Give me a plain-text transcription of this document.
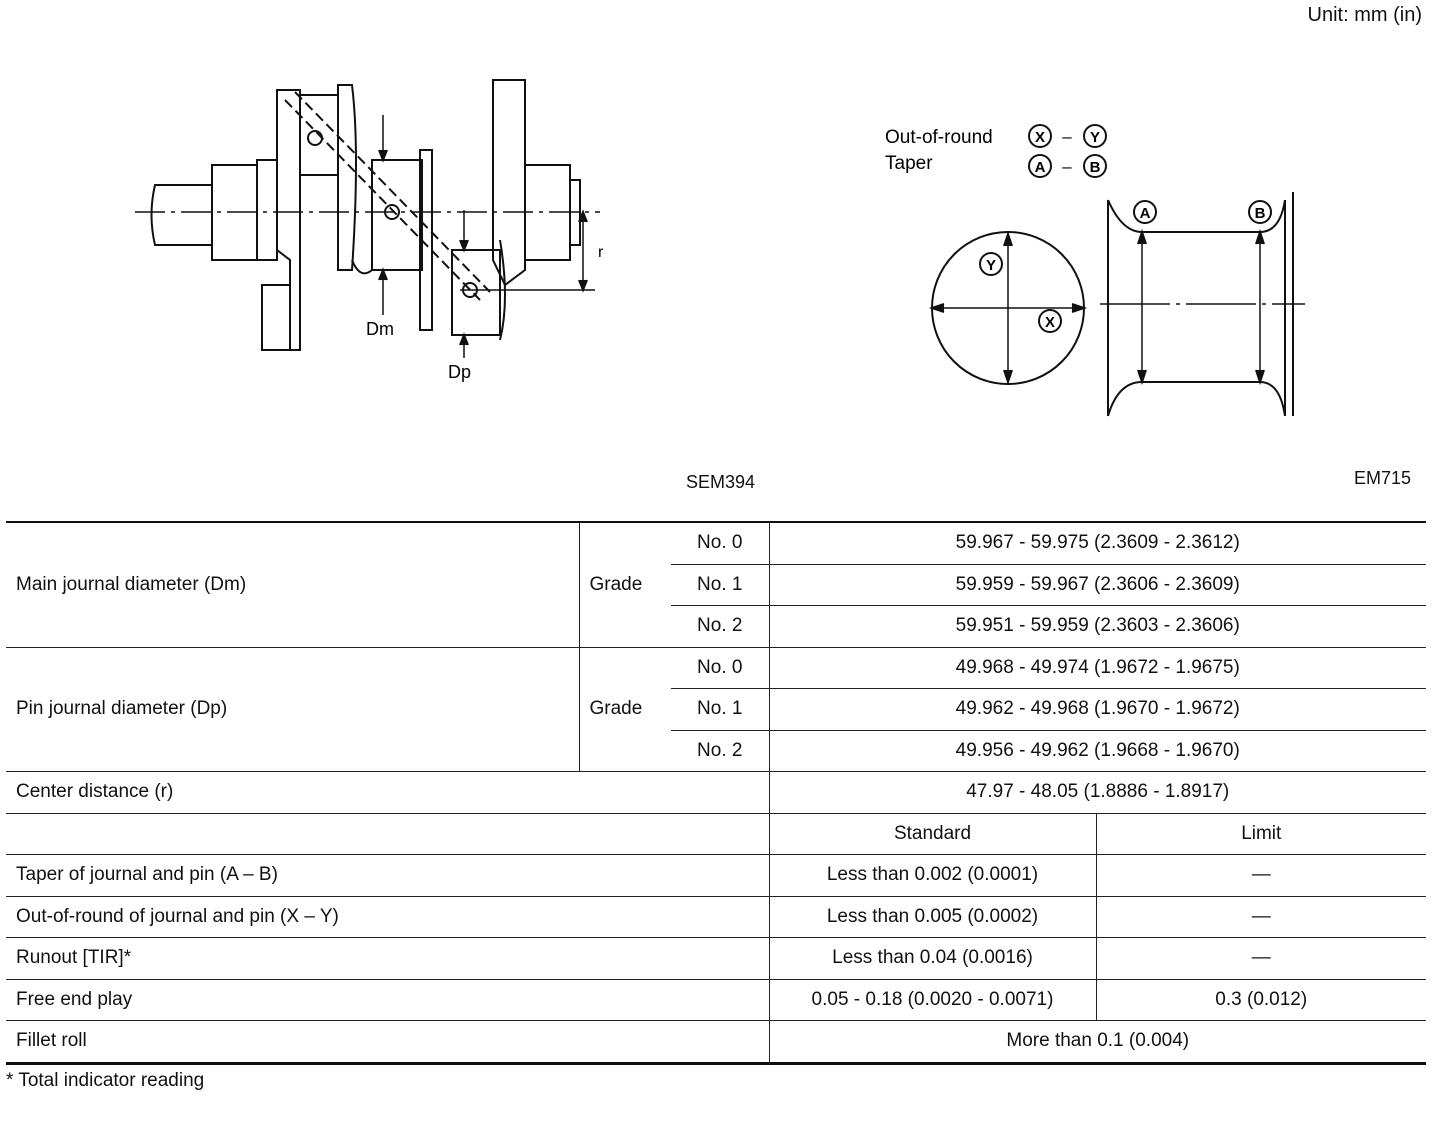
Unit: mm (in)
Dm
Dp
r
Out-of-round
Taper
X – Y
A – B
Y
X
A	B
SEM394	EM715
Main journal diameter (Dm)	Grade	No. 0	59.967 - 59.975 (2.3609 - 2.3612)	
		No. 1	59.959 - 59.967 (2.3606 - 2.3609)	
		No. 2	59.951 - 59.959 (2.3603 - 2.3606)	
Pin journal diameter (Dp)	Grade	No. 0	49.968 - 49.974 (1.9672 - 1.9675)	
		No. 1	49.962 - 49.968 (1.9670 - 1.9672)	
		No. 2	49.956 - 49.962 (1.9668 - 1.9670)	
Center distance (r)			47.97 - 48.05 (1.8886 - 1.8917)	
			Standard	Limit
Taper of journal and pin (A – B)			Less than 0.002 (0.0001)	—
Out-of-round of journal and pin (X – Y)			Less than 0.005 (0.0002)	—
Runout [TIR]*			Less than 0.04 (0.0016)	—
Free end play			0.05 - 0.18 (0.0020 - 0.0071)	0.3 (0.012)
Fillet roll			More than 0.1 (0.004)	
* Total indicator reading
